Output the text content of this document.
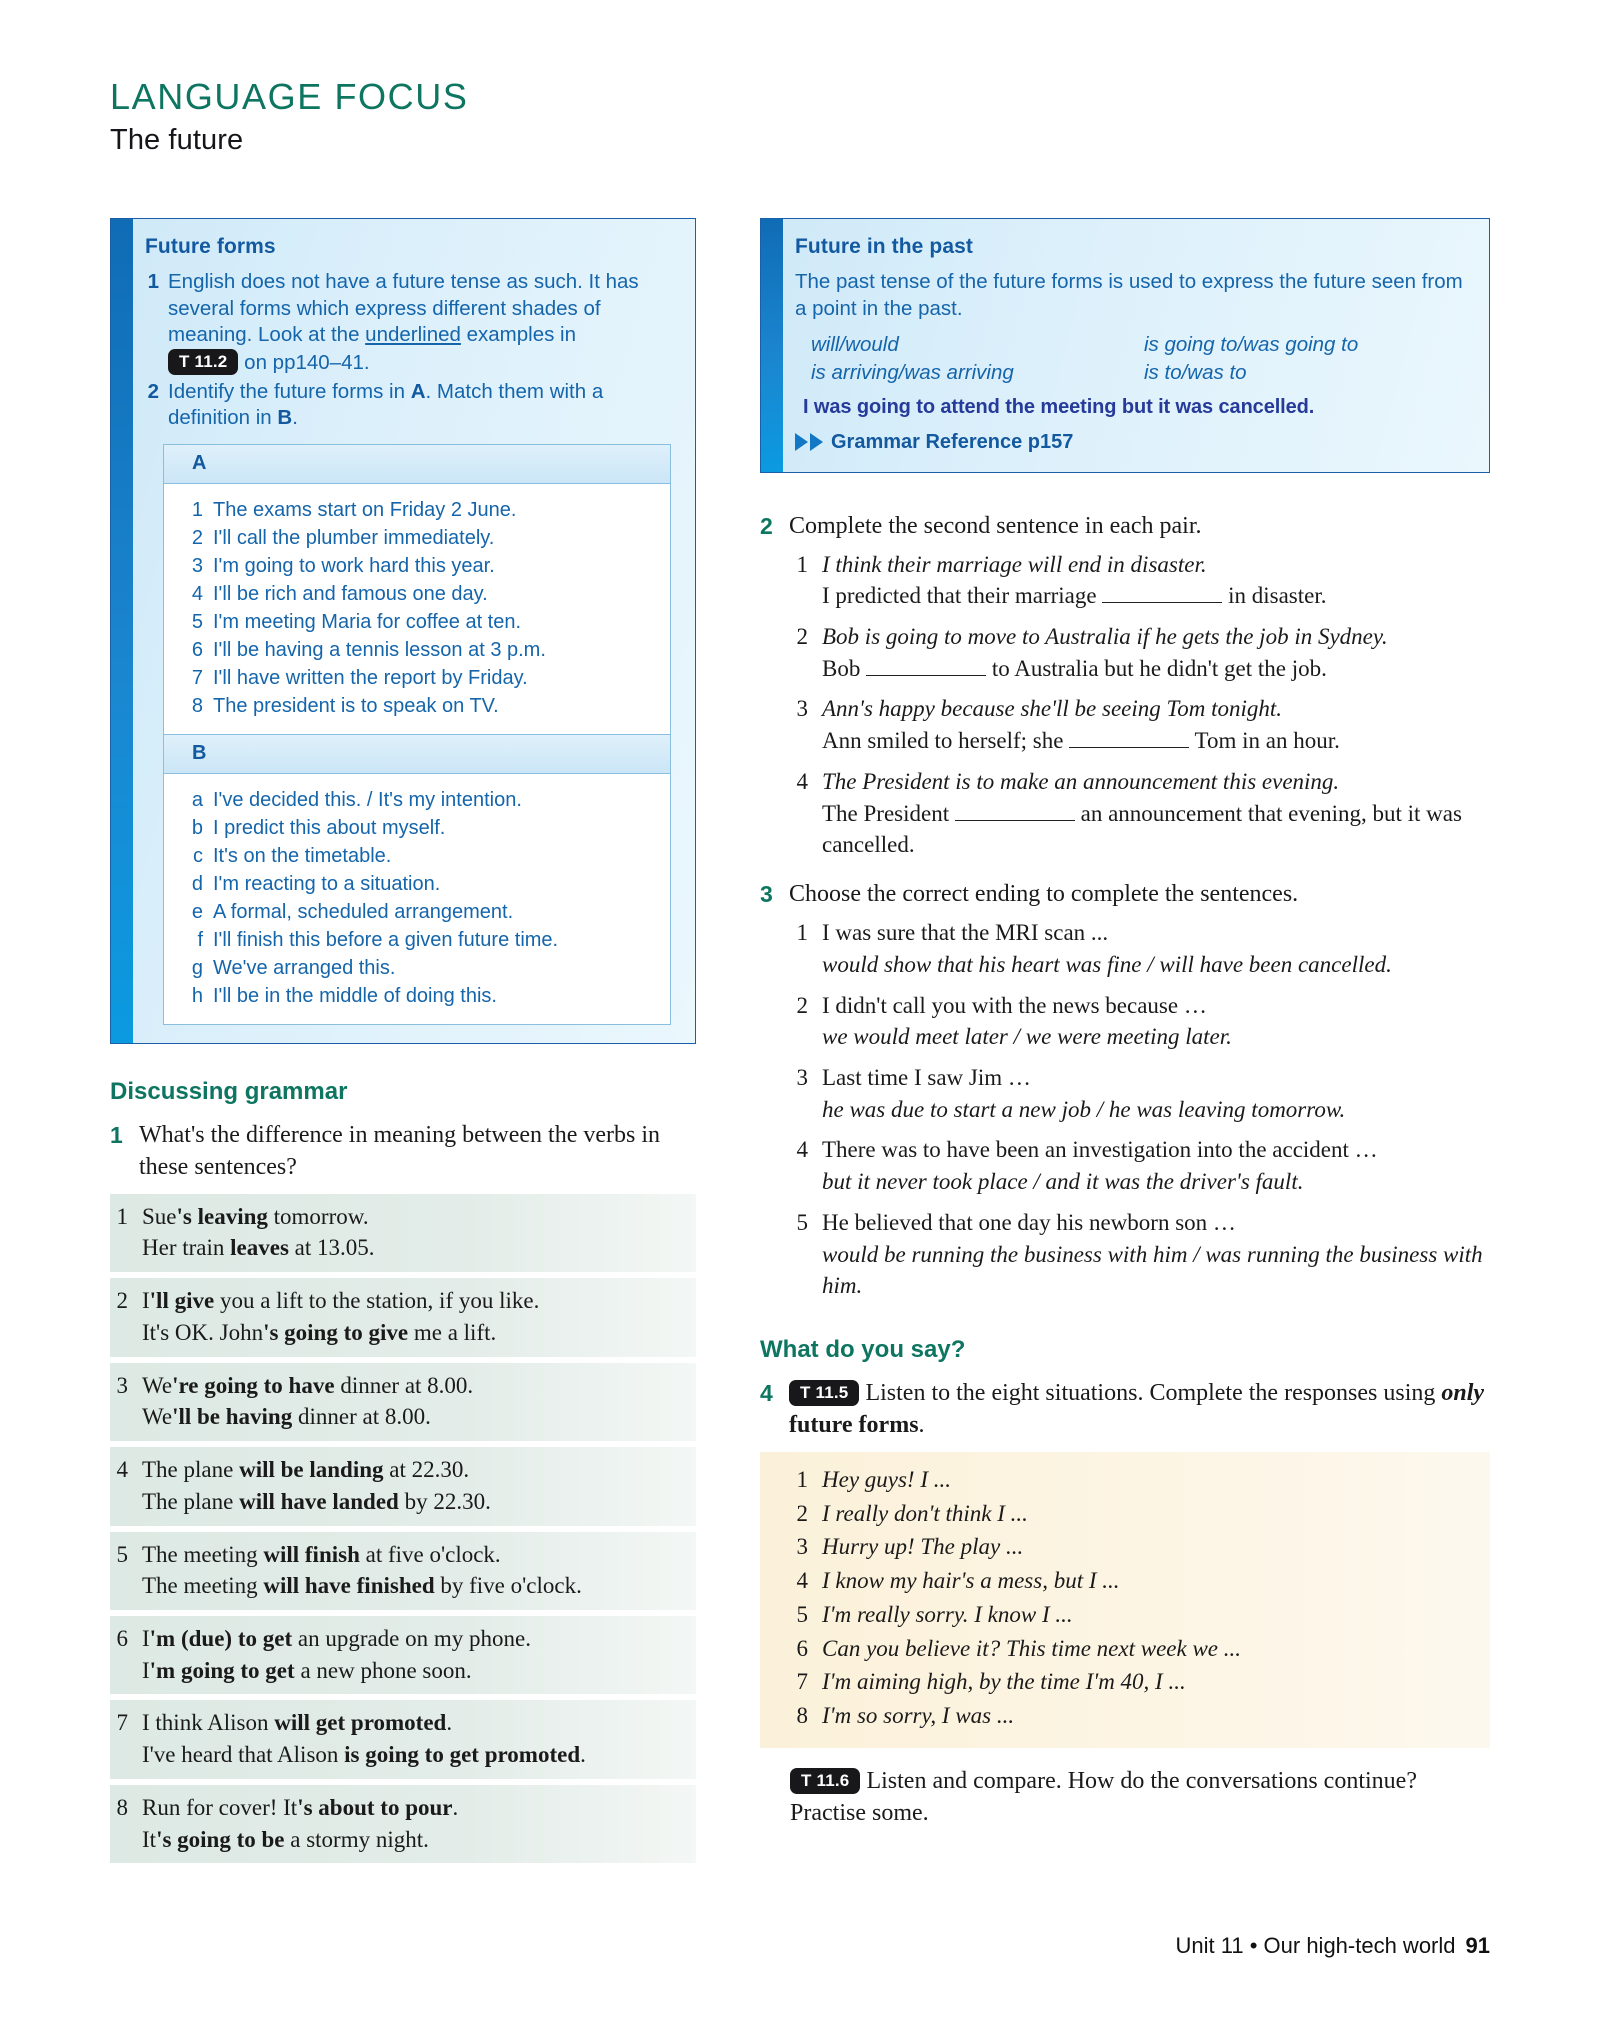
LANGUAGE FOCUS
The future
Future forms
1 English does not have a future tense as such. It has several forms which express different shades of meaning. Look at the underlined examples in
T 11.2 on pp140–41.
2 Identify the future forms in A. Match them with a definition in B.
A
1 The exams start on Friday 2 June.
2 I'll call the plumber immediately.
3 I'm going to work hard this year.
4 I'll be rich and famous one day.
5 I'm meeting Maria for coffee at ten.
6 I'll be having a tennis lesson at 3 p.m.
7 I'll have written the report by Friday.
8 The president is to speak on TV.
B
a I've decided this. / It's my intention.
b I predict this about myself.
c It's on the timetable.
d I'm reacting to a situation.
e A formal, scheduled arrangement.
f I'll finish this before a given future time.
g We've arranged this.
h I'll be in the middle of doing this.
Discussing grammar
1 What's the difference in meaning between the verbs in these sentences?
1 Sue's leaving tomorrow.
Her train leaves at 13.05.
2 I'll give you a lift to the station, if you like.
It's OK. John's going to give me a lift.
3 We're going to have dinner at 8.00.
We'll be having dinner at 8.00.
4 The plane will be landing at 22.30.
The plane will have landed by 22.30.
5 The meeting will finish at five o'clock.
The meeting will have finished by five o'clock.
6 I'm (due) to get an upgrade on my phone.
I'm going to get a new phone soon.
7 I think Alison will get promoted.
I've heard that Alison is going to get promoted.
8 Run for cover! It's about to pour.
It's going to be a stormy night.
Future in the past
The past tense of the future forms is used to express the future seen from a point in the past.
will/would	is going to/was going to
is arriving/was arriving	is to/was to
I was going to attend the meeting but it was cancelled.
Grammar Reference p157
2 Complete the second sentence in each pair.
1 I think their marriage will end in disaster.
I predicted that their marriage	in disaster.
2 Bob is going to move to Australia if he gets the job in Sydney.
Bob	to Australia but he didn't get the job.
3 Ann's happy because she'll be seeing Tom tonight.
Ann smiled to herself; she	Tom in an hour.
4 The President is to make an announcement this evening.
The President	an announcement that evening, but it was cancelled.
3 Choose the correct ending to complete the sentences.
1 I was sure that the MRI scan ...
would show that his heart was fine / will have been cancelled.
2 I didn't call you with the news because …
we would meet later / we were meeting later.
3 Last time I saw Jim …
he was due to start a new job / he was leaving tomorrow.
4 There was to have been an investigation into the accident …
but it never took place / and it was the driver's fault.
5 He believed that one day his newborn son …
would be running the business with him / was running the business with him.
What do you say?
4	T 11.5 Listen to the eight situations. Complete the responses using only future forms.
1 Hey guys! I ...
2 I really don't think I ...
3 Hurry up! The play ...
4 I know my hair's a mess, but I ...
5 I'm really sorry. I know I ...
6 Can you believe it? This time next week we ...
7 I'm aiming high, by the time I'm 40, I ...
8 I'm so sorry, I was ...
T 11.6 Listen and compare. How do the conversations continue? Practise some.
Unit 11 • Our high-tech world 91
